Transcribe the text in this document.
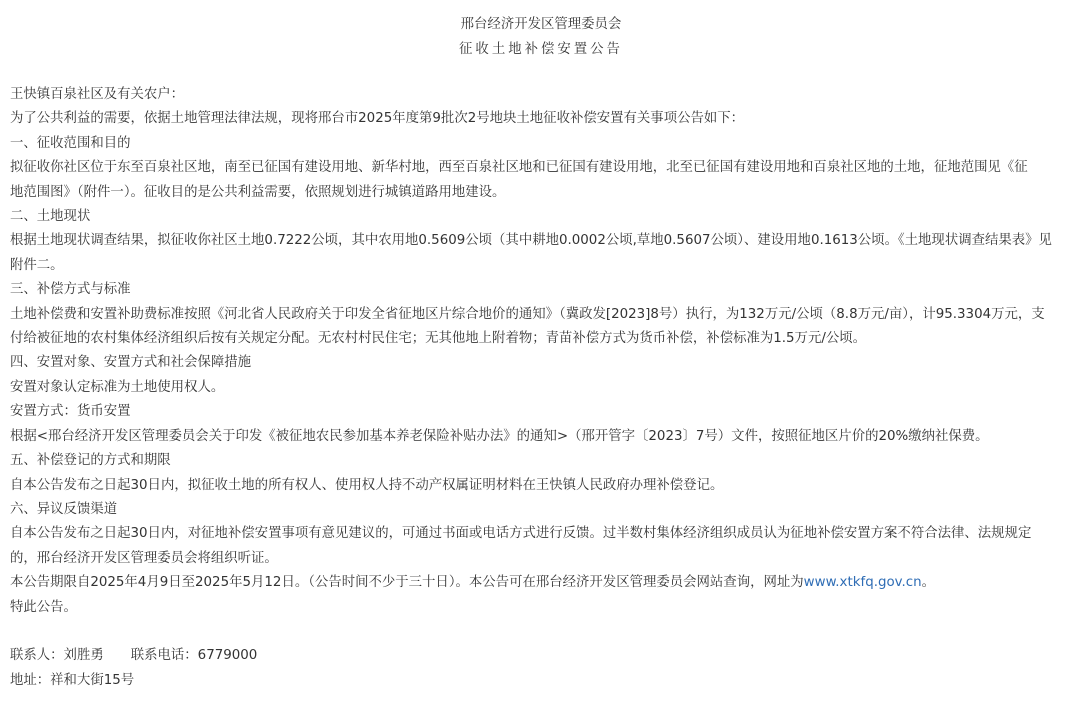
邢台经济开发区管理委员会
征收土地补偿安置公告
王快镇百泉社区及有关农户：
为了公共利益的需要，依据土地管理法律法规，现将邢台市2025年度第9批次2号地块土地征收补偿安置有关事项公告如下：
一、征收范围和目的
拟征收你社区位于东至百泉社区地，南至已征国有建设用地、新华村地，西至百泉社区地和已征国有建设用地，北至已征国有建设用地和百泉社区地的土地，征地范围见《征
地范围图》（附件一）。征收目的是公共利益需要，依照规划进行城镇道路用地建设。
二、土地现状
根据土地现状调查结果，拟征收你社区土地0.7222公顷，其中农用地0.5609公顷（其中耕地0.0002公顷,草地0.5607公顷）、建设用地0.1613公顷。《土地现状调查结果表》见
附件二。
三、补偿方式与标准
土地补偿费和安置补助费标准按照《河北省人民政府关于印发全省征地区片综合地价的通知》（冀政发[2023]8号）执行，为132万元/公顷（8.8万元/亩），计95.3304万元，支
付给被征地的农村集体经济组织后按有关规定分配。无农村村民住宅；无其他地上附着物；青苗补偿方式为货币补偿，补偿标准为1.5万元/公顷。
四、安置对象、安置方式和社会保障措施
安置对象认定标准为土地使用权人。
安置方式：货币安置
根据<邢台经济开发区管理委员会关于印发《被征地农民参加基本养老保险补贴办法》的通知>（邢开管字〔2023〕7号）文件，按照征地区片价的20%缴纳社保费。
五、补偿登记的方式和期限
自本公告发布之日起30日内，拟征收土地的所有权人、使用权人持不动产权属证明材料在王快镇人民政府办理补偿登记。
六、异议反馈渠道
自本公告发布之日起30日内，对征地补偿安置事项有意见建议的，可通过书面或电话方式进行反馈。过半数村集体经济组织成员认为征地补偿安置方案不符合法律、法规规定
的，邢台经济开发区管理委员会将组织听证。
本公告期限自2025年4月9日至2025年5月12日。（公告时间不少于三十日）。本公告可在邢台经济开发区管理委员会网站查询，网址为www.xtkfq.gov.cn。
特此公告。
联系人：刘胜勇 联系电话：6779000
地址：祥和大街15号
